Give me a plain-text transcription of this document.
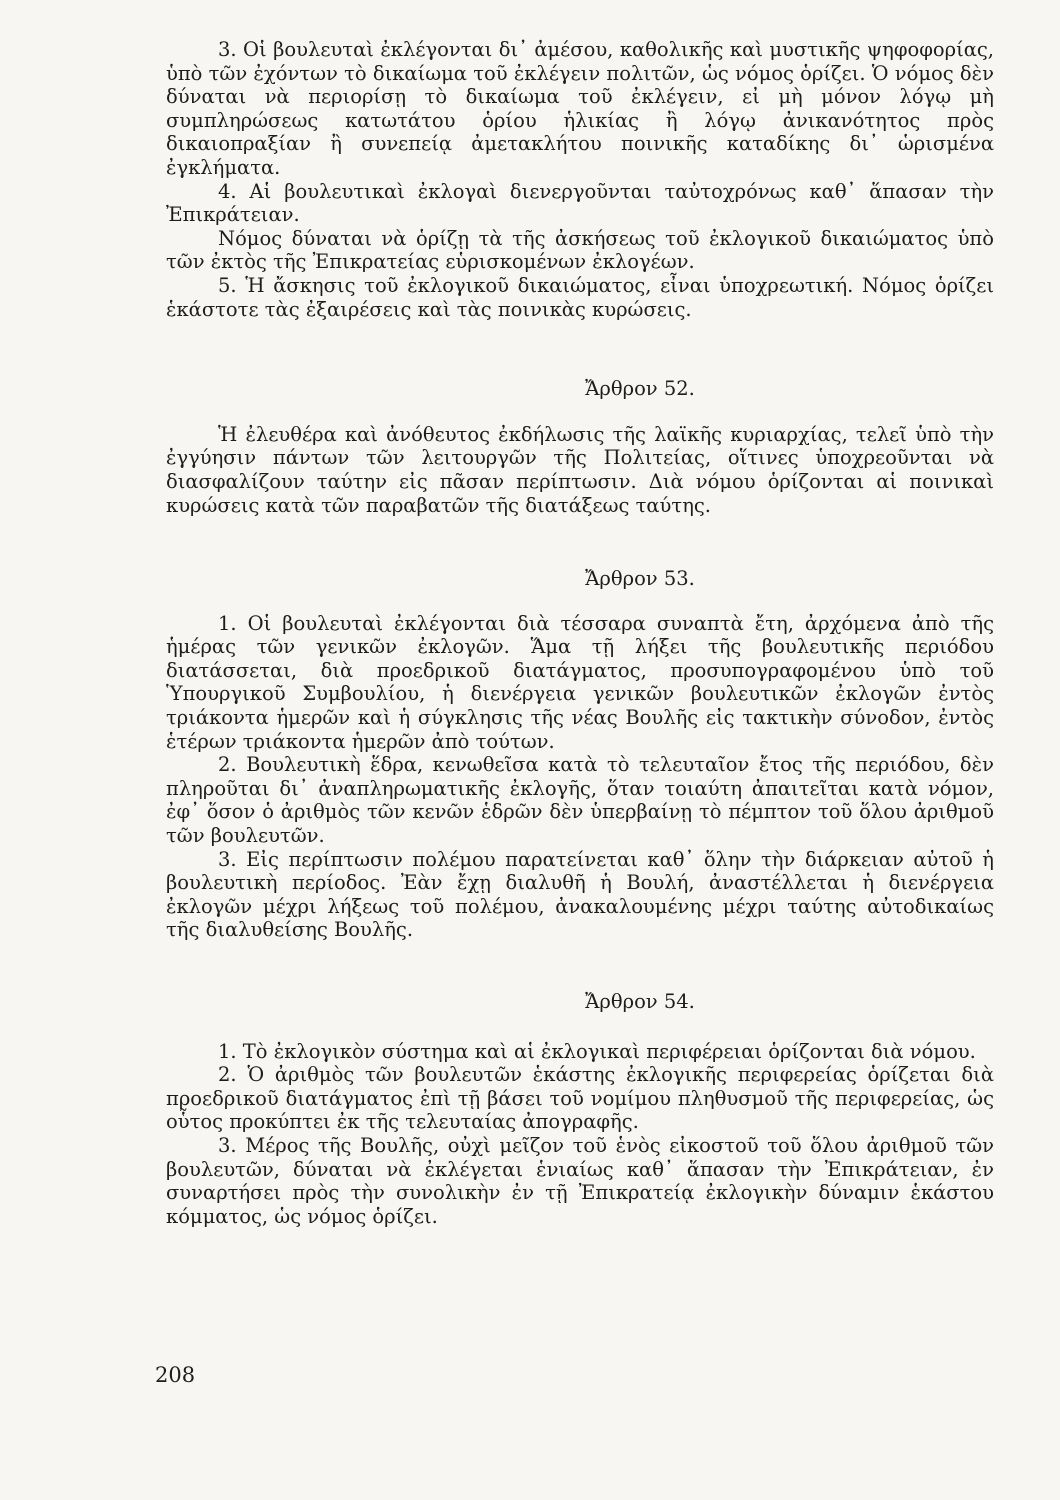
3. Οἱ βουλευταὶ ἐκλέγονται δι᾽ ἀμέσου, καθολικῆς καὶ μυστικῆς ψηφοφορίας, ὑπὸ τῶν ἐχόντων τὸ δικαίωμα τοῦ ἐκλέγειν πολιτῶν, ὡς νόμος ὁρίζει. Ὁ νόμος δὲν δύναται νὰ περιορίσῃ τὸ δικαίωμα τοῦ ἐκλέγειν, εἰ μὴ μόνον λόγῳ μὴ συμπληρώσεως κατωτάτου ὁρίου ἡλικίας ἢ λόγῳ ἀνικανότητος πρὸς δικαιοπραξίαν ἢ συνεπείᾳ ἀμετακλήτου ποινικῆς καταδίκης δι᾽ ὡρισμένα ἐγκλήματα.

4. Αἱ βουλευτικαὶ ἐκλογαὶ διενεργοῦνται ταὐτοχρόνως καθ᾽ ἅπασαν τὴν Ἐπικράτειαν.

Νόμος δύναται νὰ ὁρίζῃ τὰ τῆς ἀσκήσεως τοῦ ἐκλογικοῦ δικαιώματος ὑπὸ τῶν ἐκτὸς τῆς Ἐπικρατείας εὑρισκομένων ἐκλογέων.

5. Ἡ ἄσκησις τοῦ ἐκλογικοῦ δικαιώματος, εἶναι ὑποχρεωτική. Νόμος ὁρίζει ἑκάστοτε τὰς ἐξαιρέσεις καὶ τὰς ποινικὰς κυρώσεις.

Ἄρθρον 52.

Ἡ ἐλευθέρα καὶ ἀνόθευτος ἐκδήλωσις τῆς λαϊκῆς κυριαρχίας, τελεῖ ὑπὸ τὴν ἐγγύησιν πάντων τῶν λειτουργῶν τῆς Πολιτείας, οἵτινες ὑποχρεοῦνται νὰ διασφαλίζουν ταύτην εἰς πᾶσαν περίπτωσιν. Διὰ νόμου ὁρίζονται αἱ ποινικαὶ κυρώσεις κατὰ τῶν παραβατῶν τῆς διατάξεως ταύτης.

Ἄρθρον 53.

1. Οἱ βουλευταὶ ἐκλέγονται διὰ τέσσαρα συναπτὰ ἔτη, ἀρχόμενα ἀπὸ τῆς ἡμέρας τῶν γενικῶν ἐκλογῶν. Ἅμα τῇ λήξει τῆς βουλευτικῆς περιόδου διατάσσεται, διὰ προεδρικοῦ διατάγματος, προσυπογραφομένου ὑπὸ τοῦ Ὑπουργικοῦ Συμβουλίου, ἡ διενέργεια γενικῶν βουλευτικῶν ἐκλογῶν ἐντὸς τριάκοντα ἡμερῶν καὶ ἡ σύγκλησις τῆς νέας Βουλῆς εἰς τακτικὴν σύνοδον, ἐντὸς ἑτέρων τριάκοντα ἡμερῶν ἀπὸ τούτων.

2. Βουλευτικὴ ἕδρα, κενωθεῖσα κατὰ τὸ τελευταῖον ἔτος τῆς περιόδου, δὲν πληροῦται δι᾽ ἀναπληρωματικῆς ἐκλογῆς, ὅταν τοιαύτη ἀπαιτεῖται κατὰ νόμον, ἐφ᾽ ὅσον ὁ ἀριθμὸς τῶν κενῶν ἑδρῶν δὲν ὑπερβαίνῃ τὸ πέμπτον τοῦ ὅλου ἀριθμοῦ τῶν βουλευτῶν.

3. Εἰς περίπτωσιν πολέμου παρατείνεται καθ᾽ ὅλην τὴν διάρκειαν αὐτοῦ ἡ βουλευτικὴ περίοδος. Ἐὰν ἔχῃ διαλυθῆ ἡ Βουλή, ἀναστέλλεται ἡ διενέργεια ἐκλογῶν μέχρι λήξεως τοῦ πολέμου, ἀνακαλουμένης μέχρι ταύτης αὐτοδικαίως τῆς διαλυθείσης Βουλῆς.

Ἄρθρον 54.

1. Τὸ ἐκλογικὸν σύστημα καὶ αἱ ἐκλογικαὶ περιφέρειαι ὁρίζονται διὰ νόμου.

2. Ὁ ἀριθμὸς τῶν βουλευτῶν ἑκάστης ἐκλογικῆς περιφερείας ὁρίζεται διὰ προεδρικοῦ διατάγματος ἐπὶ τῇ βάσει τοῦ νομίμου πληθυσμοῦ τῆς περιφερείας, ὡς οὗτος προκύπτει ἐκ τῆς τελευταίας ἀπογραφῆς.

3. Μέρος τῆς Βουλῆς, οὐχὶ μεῖζον τοῦ ἑνὸς εἰκοστοῦ τοῦ ὅλου ἀριθμοῦ τῶν βουλευτῶν, δύναται νὰ ἐκλέγεται ἑνιαίως καθ᾽ ἅπασαν τὴν Ἐπικράτειαν, ἐν συναρτήσει πρὸς τὴν συνολικὴν ἐν τῇ Ἐπικρατείᾳ ἐκλογικὴν δύναμιν ἑκάστου κόμματος, ὡς νόμος ὁρίζει.

208
